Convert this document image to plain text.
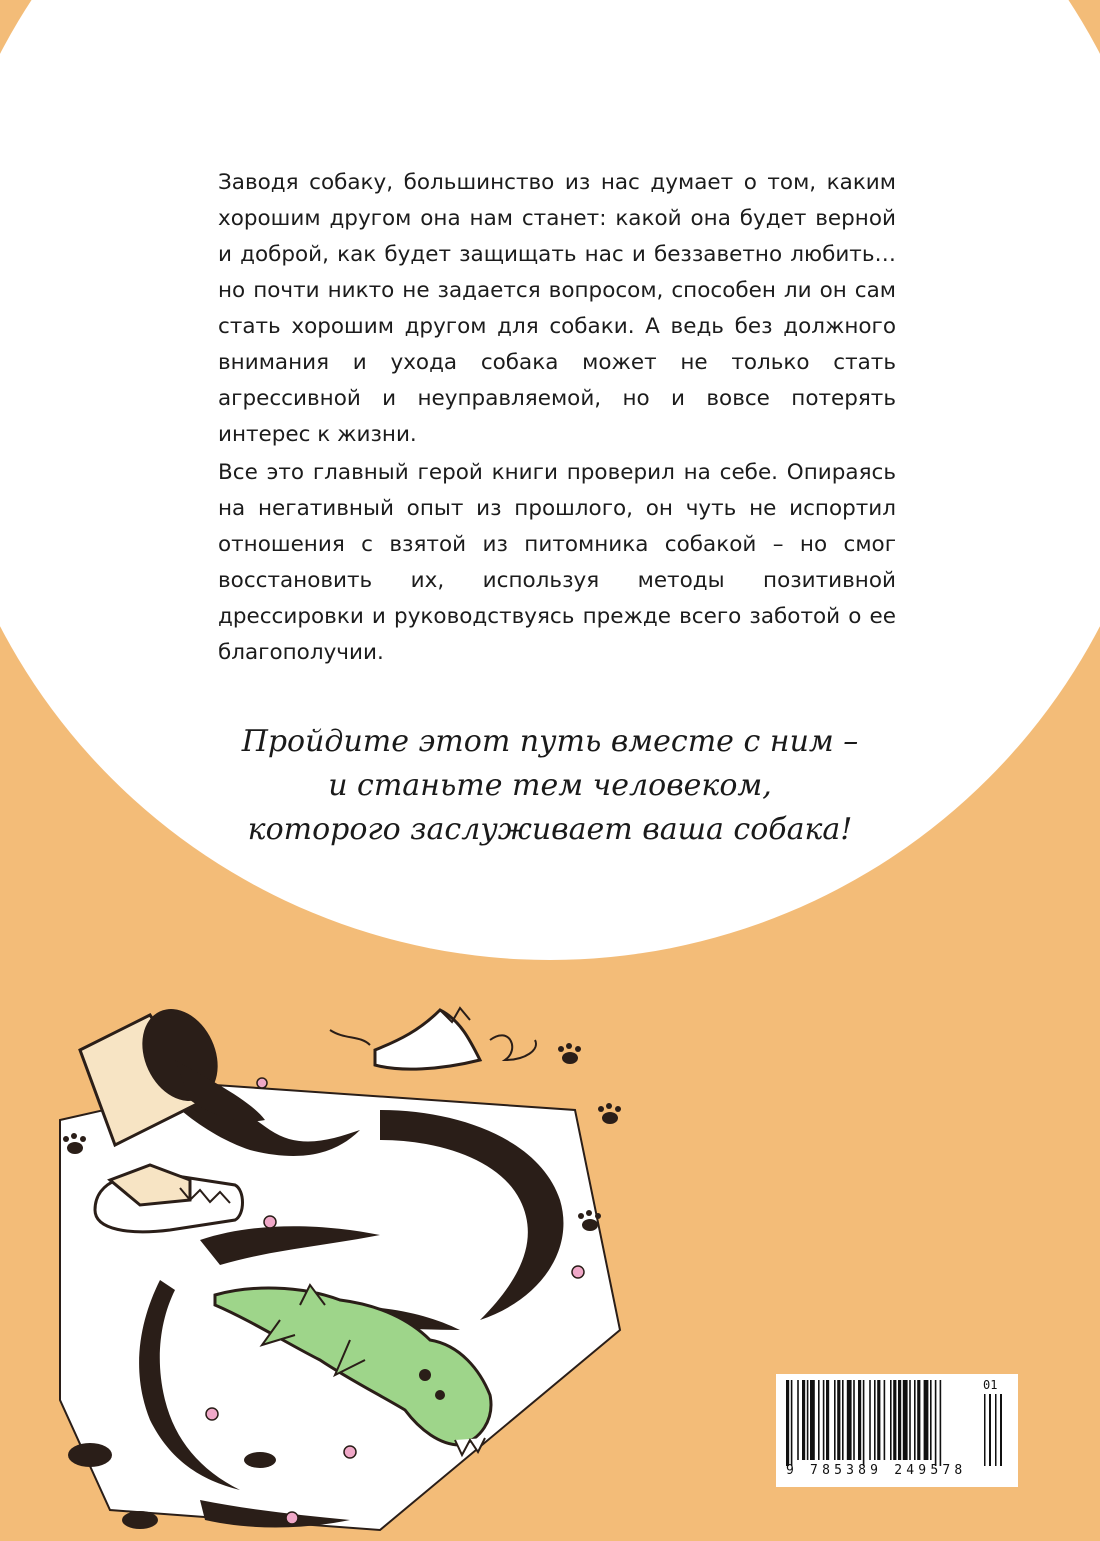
Заводя собаку, большинство из нас думает о том, каким хорошим другом она нам станет: какой она будет верной и доброй, как будет защищать нас и беззаветно любить… но почти никто не задается вопросом, способен ли он сам стать хорошим другом для собаки. А ведь без должного внимания и ухода собака может не только стать агрессивной и неуправляемой, но и вовсе потерять интерес к жизни.

Все это главный герой книги проверил на себе. Опираясь на негативный опыт из прошлого, он чуть не испортил отношения с взятой из питомника собакой – но смог восстановить их, используя методы позитивной дрессировки и руководствуясь прежде всего заботой о ее благополучии.

Пройдите этот путь вместе с ним –
и станьте тем человеком,
которого заслуживает ваша собака!
9 785389 249578
01
